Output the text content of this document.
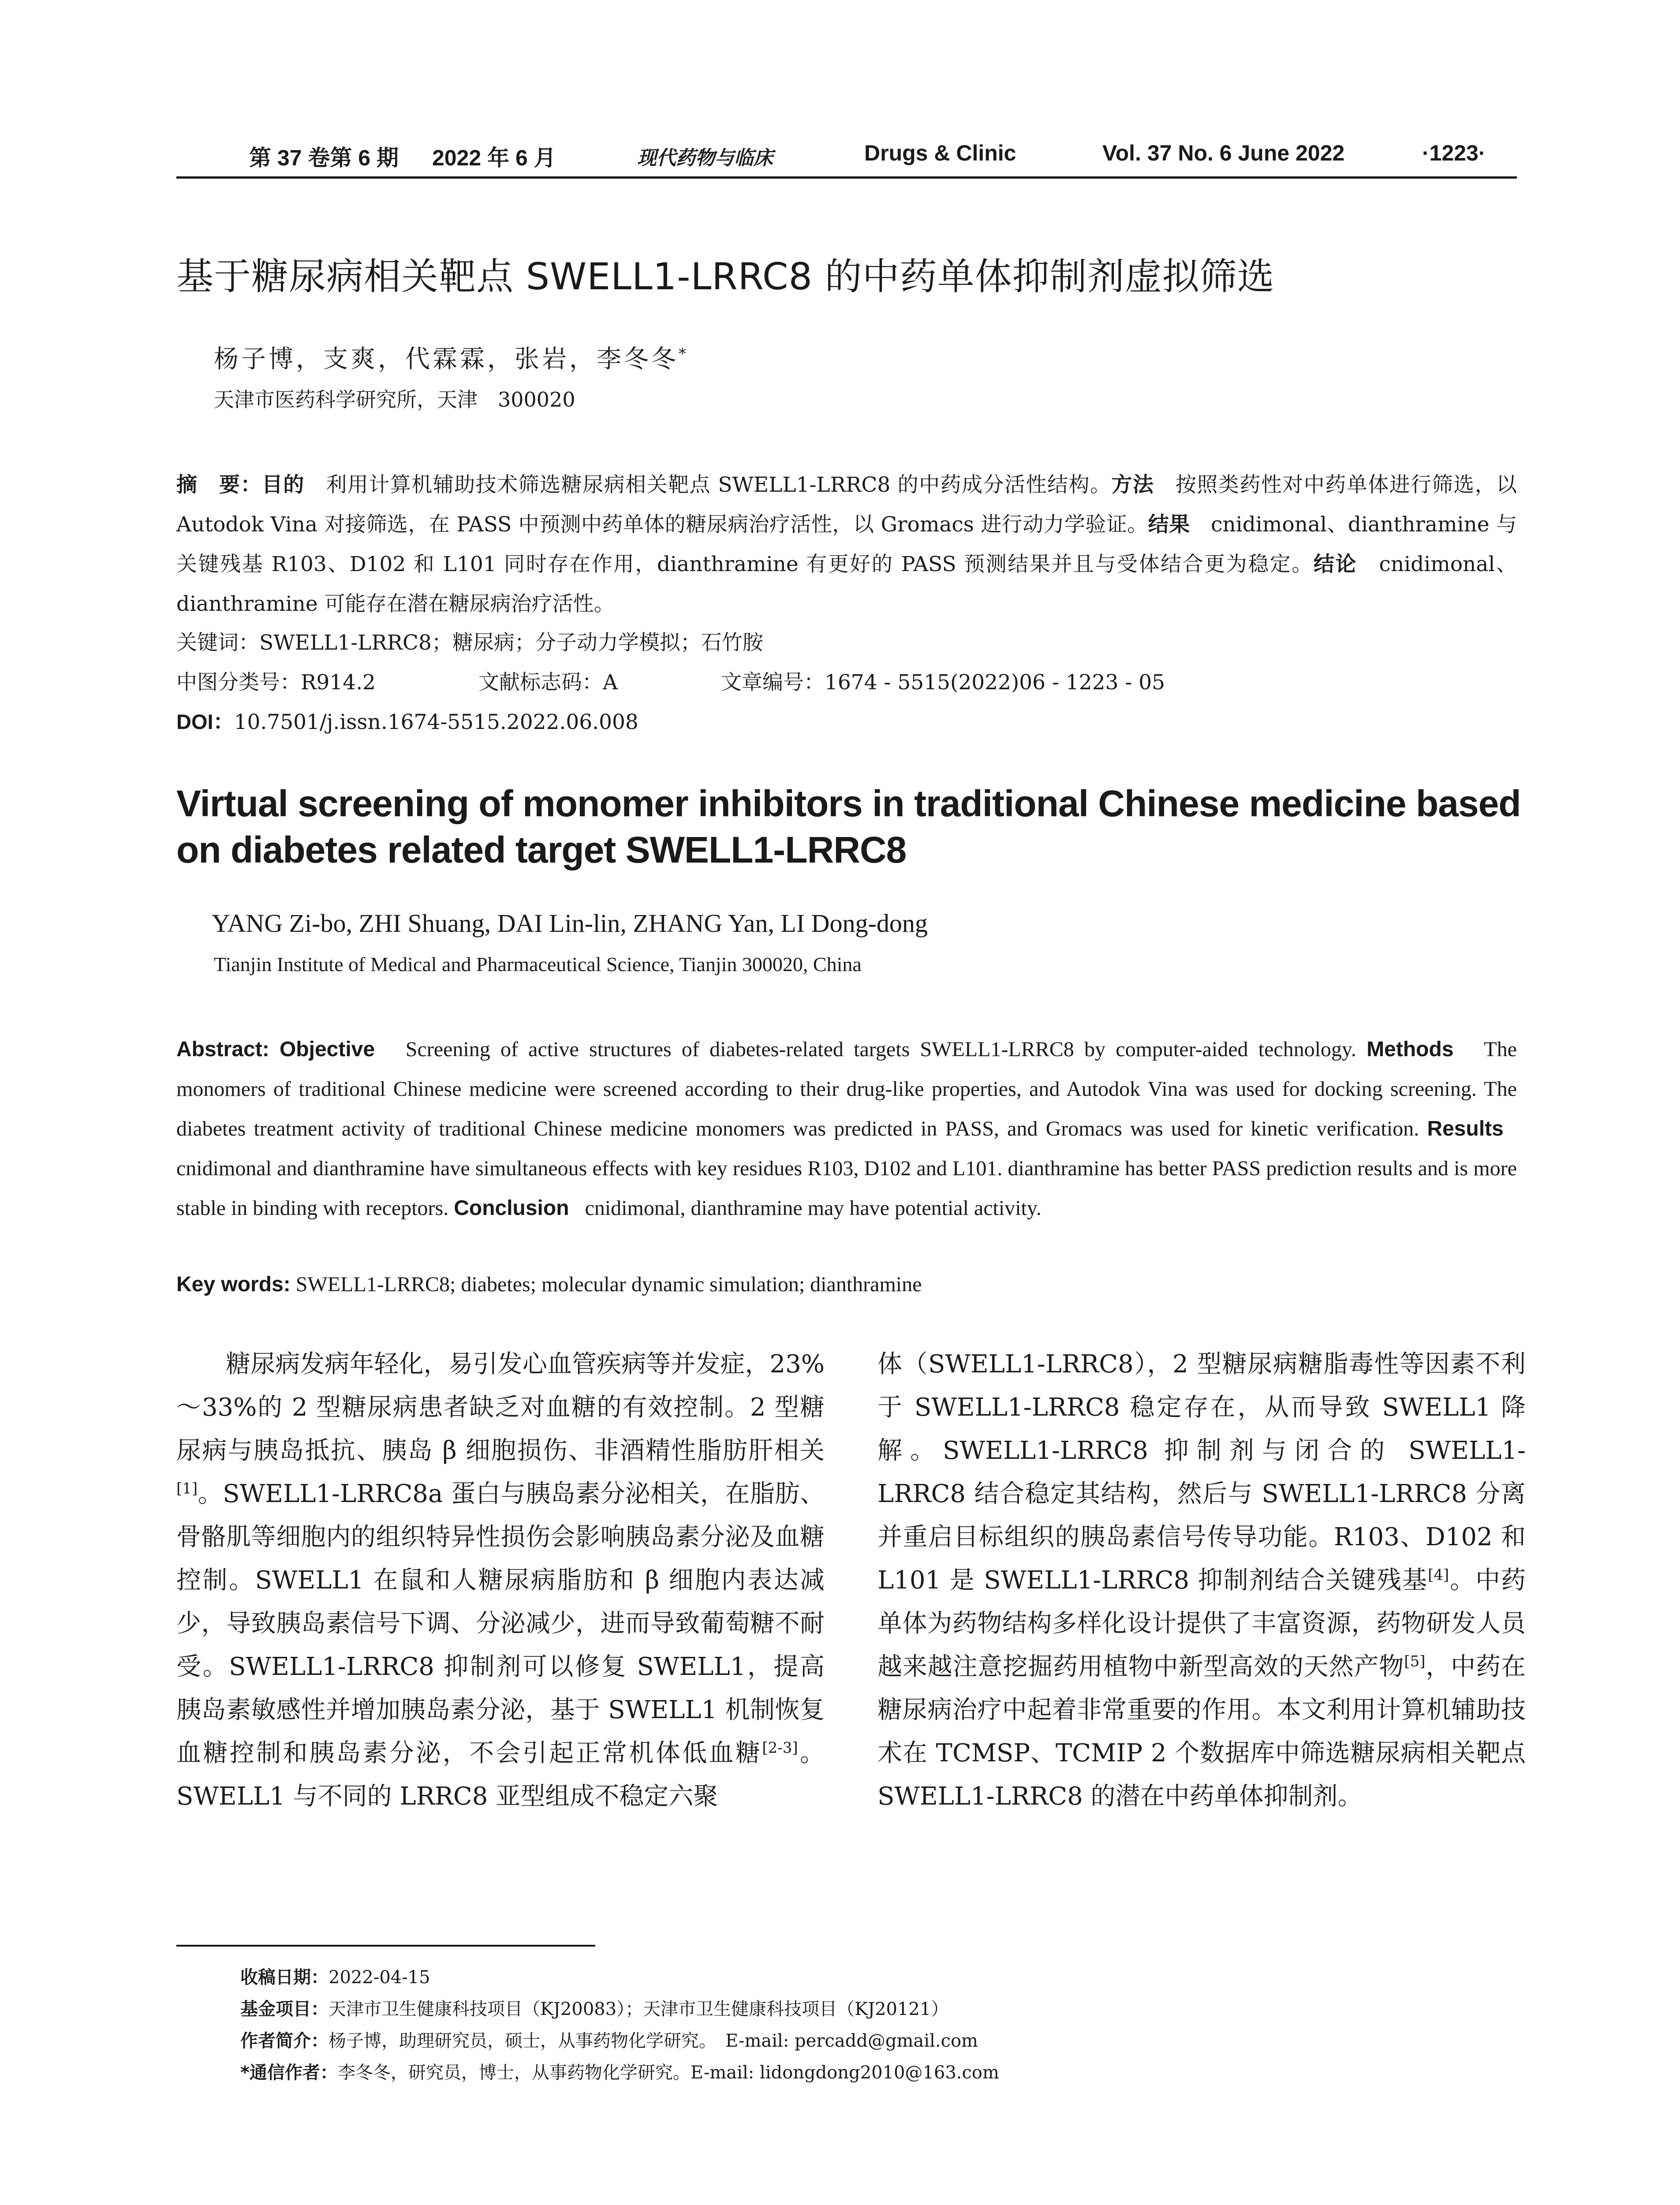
第 37 卷第 6 期 2022 年 6 月	现代药物与临床	Drugs & Clinic	Vol. 37 No. 6 June 2022	·1223·
基于糖尿病相关靶点 SWELL1-LRRC8 的中药单体抑制剂虚拟筛选
杨子博，支爽，代霖霖，张岩，李冬冬*
天津市医药科学研究所，天津　300020
摘　要：目的　 利用计算机辅助技术筛选糖尿病相关靶点 SWELL1-LRRC8 的中药成分活性结构。方法　 按照类药性对中药单体进行筛选，以 Autodok Vina 对接筛选，在 PASS 中预测中药单体的糖尿病治疗活性，以 Gromacs 进行动力学验证。结果　 cnidimonal、dianthramine 与关键残基 R103、D102 和 L101 同时存在作用，dianthramine 有更好的 PASS 预测结果并且与受体结合更为稳定。结论　 cnidimonal、dianthramine 可能存在潜在糖尿病治疗活性。
关键词：SWELL1-LRRC8；糖尿病；分子动力学模拟；石竹胺
中图分类号：R914.2	文献标志码：A	文章编号：1674 - 5515(2022)06 - 1223 - 05
DOI：10.7501/j.issn.1674-5515.2022.06.008
Virtual screening of monomer inhibitors in traditional Chinese medicine based on diabetes related target SWELL1-LRRC8
YANG Zi-bo, ZHI Shuang, DAI Lin-lin, ZHANG Yan, LI Dong-dong
Tianjin Institute of Medical and Pharmaceutical Science, Tianjin 300020, China
Abstract: Objective Screening of active structures of diabetes-related targets SWELL1-LRRC8 by computer-aided technology. Methods The monomers of traditional Chinese medicine were screened according to their drug-like properties, and Autodok Vina was used for docking screening. The diabetes treatment activity of traditional Chinese medicine monomers was predicted in PASS, and Gromacs was used for kinetic verification. Results   cnidimonal and dianthramine have simultaneous effects with key residues R103, D102 and L101. dianthramine has better PASS prediction results and is more stable in binding with receptors. Conclusion cnidimonal, dianthramine may have potential activity.
Key words: SWELL1-LRRC8; diabetes; molecular dynamic simulation; dianthramine

糖尿病发病年轻化，易引发心血管疾病等并发症，23%～33%的 2 型糖尿病患者缺乏对血糖的有效控制。2 型糖尿病与胰岛抵抗、胰岛 β 细胞损伤、非酒精性脂肪肝相关[1]。SWELL1-LRRC8a 蛋白与胰岛素分泌相关，在脂肪、骨骼肌等细胞内的组织特异性损伤会影响胰岛素分泌及血糖控制。SWELL1 在鼠和人糖尿病脂肪和 β 细胞内表达减少，导致胰岛素信号下调、分泌减少，进而导致葡萄糖不耐受。SWELL1-LRRC8 抑制剂可以修复 SWELL1，提高胰岛素敏感性并增加胰岛素分泌，基于 SWELL1 机制恢复血糖控制和胰岛素分泌，不会引起正常机体低血糖[2-3]。SWELL1 与不同的 LRRC8 亚型组成不稳定六聚

体（SWELL1-LRRC8），2 型糖尿病糖脂毒性等因素不利于 SWELL1-LRRC8 稳定存在，从而导致 SWELL1 降解。SWELL1-LRRC8 抑制剂与闭合的 SWELL1-LRRC8 结合稳定其结构，然后与 SWELL1-LRRC8 分离并重启目标组织的胰岛素信号传导功能。R103、D102 和 L101 是 SWELL1-LRRC8 抑制剂结合关键残基[4]。中药单体为药物结构多样化设计提供了丰富资源，药物研发人员越来越注意挖掘药用植物中新型高效的天然产物[5]，中药在糖尿病治疗中起着非常重要的作用。本文利用计算机辅助技术在 TCMSP、TCMIP 2 个数据库中筛选糖尿病相关靶点 SWELL1-LRRC8 的潜在中药单体抑制剂。

收稿日期：2022-04-15
基金项目：天津市卫生健康科技项目（KJ20083）；天津市卫生健康科技项目（KJ20121）
作者简介：杨子博，助理研究员，硕士，从事药物化学研究。　E-mail: percadd@gmail.com
*通信作者：李冬冬，研究员，博士，从事药物化学研究。E-mail: lidongdong2010@163.com
